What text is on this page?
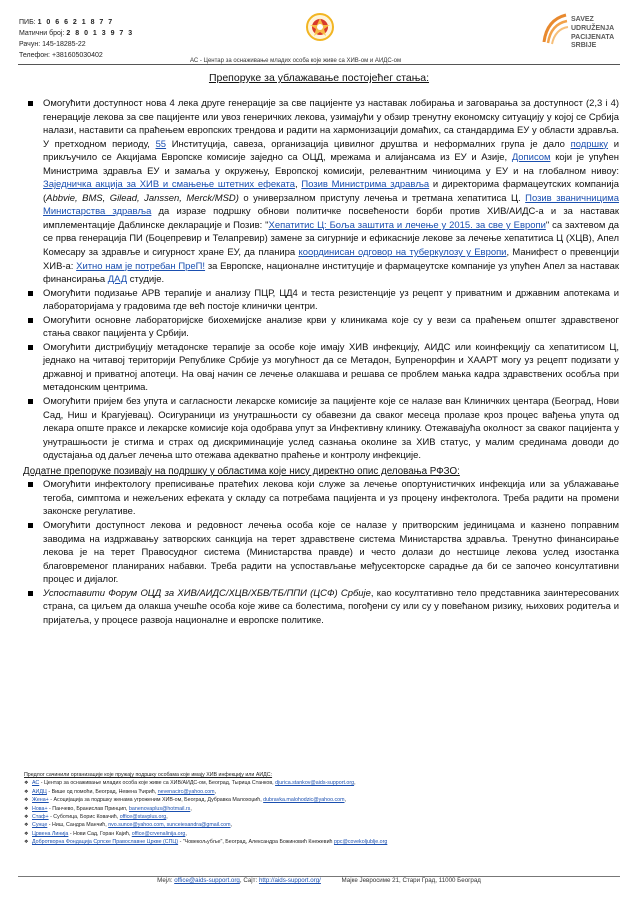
ПИБ: 1 0 6 6 2 1 8 7 7
Матични број: 2 8 0 1 3 9 7 3
Рачун: 145-18285-22
Телефон: +381605030402
АС - Центар за оснаживање младих особа које живе са ХИВ-ом и АИДС-ом
SAVEZ
UDRUŽENJA
PACIJENATA
SRBIJE
Препоруке за ублажавање постојећег стања:
Омогућити доступност нова 4 лека друге генерације за све пацијенте уз наставак лобирања и заговарања за доступност (2,3 i 4) генерације лекова за све пацијенте или увоз генеричких лекова, узимајући у обзир тренутну економску ситуацију у којој се Србија налази, наставити са праћењем европских трендова и радити на хармонизацији домаћих, са стандардима ЕУ у области здравља. У претходном периоду, 55 Институција, савеза, организација цивилног друштва и неформалних група је дало подршку и прикључило се Акцијама Европске комисије заједно са ОЦД, мрежама и алијансама из ЕУ и Азије, Дописом који је упућен Министрима здравља ЕУ и замаља у окружењу, Европској комисији, релевантним чиниоцима у ЕУ и на глобалном нивоу: Заједничка акција за ХИВ и смањење штетних ефеката, Позив Министрима здравља и директорима фармацеутских компанија (Abbvie, BMS, Gilead, Janssen, Merck/MSD) о универзалном приступу лечења и третмана хепатитиса Ц. Позив званичницима Министарства здравља да изразе подршку обнови политичке посвећености борби против ХИВ/АИДС-а и за наставак имплементације Даблинске декларације и Позив: "Хепатитис Ц: Боља заштита и лечење у 2015. за све у Европи" са захтевом да се прва генерација ПИ (Боцепревир и Телапревир) замене за сигурније и ефикасније лекове за лечење хепатитиса Ц (ХЦВ), Апел Комесару за здравље и сигурност хране ЕУ, да планира координисан одговор на туберкулозу у Европи, Манифест о превенцији ХИВ-а: Хитно нам је потребан ПреП! за Европске, националне институције и фармацеутске компаније уз упућен Апел за наставак финансирања ДАД студије.
Омогућити подизање АРВ терапије и анализу ПЦР, ЦД4 и теста резистенције уз рецепт у приватним и државним апотекама и лабораторијама у градовима где већ постоје клинички центри.
Омогућити основне лабораторијске биохемијске анализе крви у клиникама које су у вези са праћењем општег здравственог стања сваког пацијента у Србији.
Омогућити дистрибуцију метадонске терапије за особе које имају ХИВ инфекцију, АИДС или коинфекцију са хепатитисом Ц, једнако на читавој територији Републике Србије уз могућност да се Метадон, Бупренорфин и ХААРТ могу уз рецепт подизати у државној и приватној апотеци. На овај начин се лечење олакшава и решава се проблем мањка кадра здравствених особља при метадонским центрима.
Омогућити пријем без упута и сагласности лекарске комисије за пацијенте које се налазе ван Клиничких центара (Београд, Нови Сад, Ниш и Крагујевац). Осигураници из унутрашњости су обавезни да сваког месеца пролазе кроз процес вађења упута од лекара опште праксе и лекарске комисије која одобрава упут за Инфективну клинику. Отежавајућа околност за сваког пацијента у унутрашњости је стигма и страх од дискриминације услед сазнања околине за ХИВ статус, у малим срединама доводи до одустајања од даљег лечења што отежава адекватно праћење и контролу инфекције.
Додатне препоруке позивају на подршку у областима које нису директно опис деловања РФЗО:
Омогућити инфектологу преписивање пратећих лекова који служе за лечење опортунистичких инфекција или за ублажавање тегоба, симптома и нежељених ефеката у складу са потребама пацијента и уз процену инфектолога. Треба радити на промени законске регулативе.
Омогућити доступност лекова и редовност лечења особа које се налазе у притворским јединицама и казнено поправним заводима на издржавању затворских санкција на терет здравствене система Министарства здравља. Тренутно финансирање лекова је на терет Правосудног система (Министарства правде) и често долази до нестшице лекова услед изостанка благовременог планираних набавки. Треба радити на успостављање међусекторске сарадње да би се започео консултативни процес и дијалог.
Успоставити Форум ОЦД за ХИВ/АИДС/ХЦВ/ХБВ/ТБ/ППИ (ЦСФ) Србије, као косултативно тело представника заинтересованих страна, са циљем да олакша учешће особа које живе са болестима, погођени су или су у повећаном ризику, њихових родитеља и пријатеља, у процесе развоја националне и европске политике.
Предлог сачинили организације које пружају подршку особама које имају ХИВ инфекцију или АИДС:
❖ АС - Центар за оснаживање младих особа које живе са ХИВ/АИДС-ом, Београд, Тырица Станков, djurica.stankov@aids-support.org,
❖ АИДЦ - Више од помоћи, Београд, Невена Ћирић, nevenacirc@yahoo.com,
❖ Жена+ - Асоцијација за подршку женама угроженим ХИВ-ом, Београд, Дубравка Малохоџић, dubravka.malohodzic@yahoo.com,
❖ Нова+ - Панчево, Бранислав Принцип, banenovaplus@hotmail.rs,
❖ Стаф+ - Суботица, Борис Ковачић, office@stavplus.org,
❖ Сунце - Ниш, Сандра Манчић, nvo.sunce@yahoo.com, sunceiesandra@gmail.com,
❖ Црвена Линија - Нови Сад, Горан Кајић, office@crvenalinija.org,
❖ Добротворна Фондација Српске Православне Цркве (СПЦ) - "Човекољубље", Београд, Александра Божиновић Кнежевић ppc@covekoljublje.org
Мејл: office@aids-support.org, Сајт: http://aids-support.org/	Мајке Јевросиме 21, Стари Град, 11000 Београд
